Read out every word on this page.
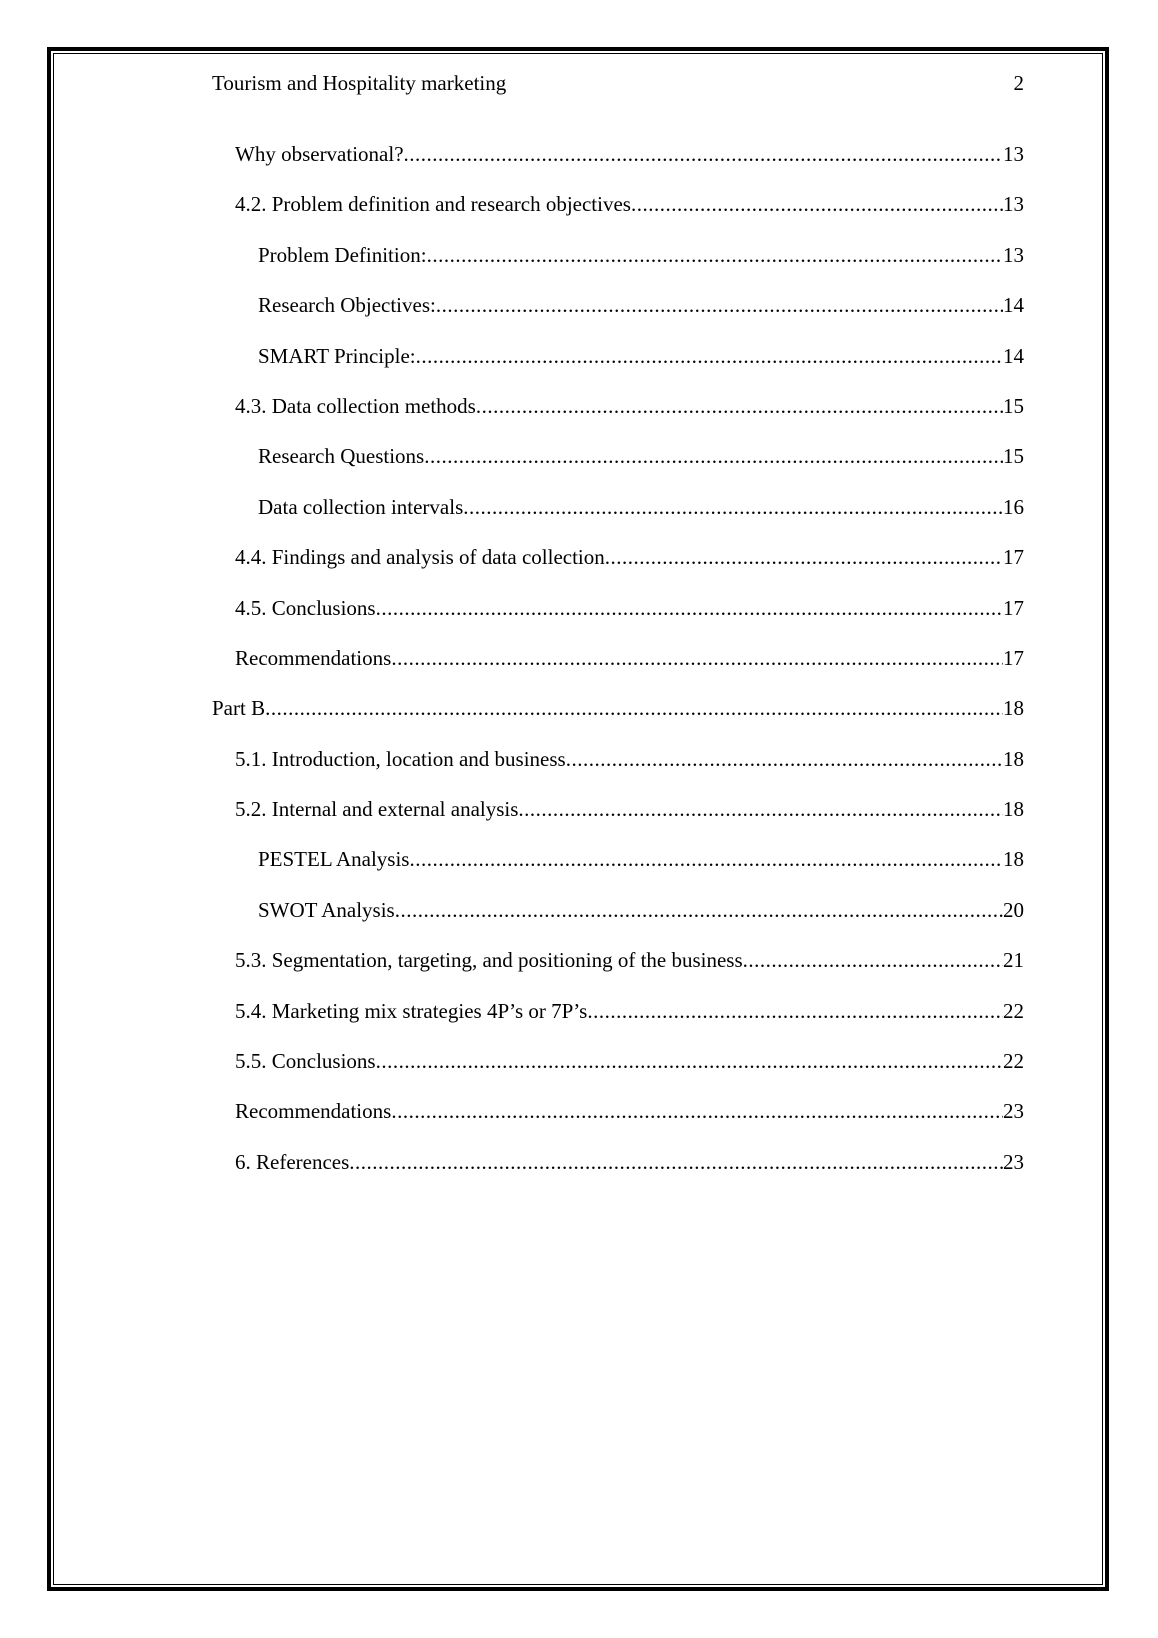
Tourism and Hospitality marketing	2
Why observational? .....	13
4.2. Problem definition and research objectives .....	13
Problem Definition: .....	13
Research Objectives: .....	14
SMART Principle: .....	14
4.3. Data collection methods .....	15
Research Questions .....	15
Data collection intervals .....	16
4.4. Findings and analysis of data collection .....	17
4.5. Conclusions .....	17
Recommendations .....	17
Part B .....	18
5.1. Introduction, location and business .....	18
5.2. Internal and external analysis .....	18
PESTEL Analysis .....	18
SWOT Analysis .....	20
5.3. Segmentation, targeting, and positioning of the business .....	21
5.4. Marketing mix strategies 4P’s or 7P’s .....	22
5.5. Conclusions .....	22
Recommendations .....	23
6. References .....	23
